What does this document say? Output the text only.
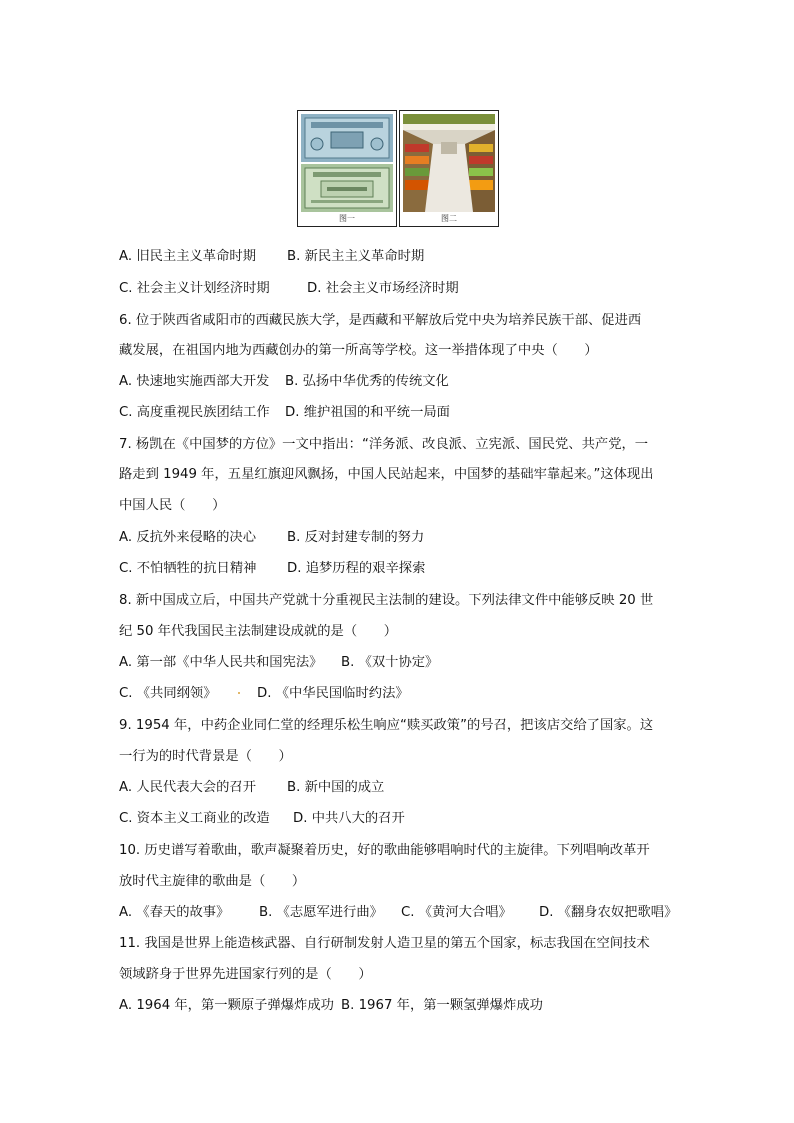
图一	图二
A. 旧民主主义革命时期 B. 新民主主义革命时期
C. 社会主义计划经济时期	D. 社会主义市场经济时期
6. 位于陕西省咸阳市的西藏民族大学，是西藏和平解放后党中央为培养民族干部、促进西
藏发展，在祖国内地为西藏创办的第一所高等学校。这一举措体现了中央（　　）
A. 快速地实施西部大开发 B. 弘扬中华优秀的传统文化
C. 高度重视民族团结工作 D. 维护祖国的和平统一局面
7. 杨凯在《中国梦的方位》一文中指出：“洋务派、改良派、立宪派、国民党、共产党，一
路走到 1949 年，五星红旗迎风飘扬，中国人民站起来，中国梦的基础牢靠起来。”这体现出
中国人民（　　）
A. 反抗外来侵略的决心 B. 反对封建专制的努力
C. 不怕牺牲的抗日精神 D. 追梦历程的艰辛探索
8. 新中国成立后，中国共产党就十分重视民主法制的建设。下列法律文件中能够反映 20 世
纪 50 年代我国民主法制建设成就的是（　　）
A. 第一部《中华人民共和国宪法》 B. 《双十协定》
C. 《共同纲领》	D. 《中华民国临时约法》
9. 1954 年，中药企业同仁堂的经理乐松生响应“赎买政策”的号召，把该店交给了国家。这
一行为的时代背景是（　　）
A. 人民代表大会的召开 B. 新中国的成立
C. 资本主义工商业的改造 D. 中共八大的召开
10. 历史谱写着歌曲，歌声凝聚着历史，好的歌曲能够唱响时代的主旋律。下列唱响改革开
放时代主旋律的歌曲是（　　）
A. 《春天的故事》 B. 《志愿军进行曲》 C. 《黄河大合唱》 D. 《翻身农奴把歌唱》
11. 我国是世界上能造核武器、自行研制发射人造卫星的第五个国家，标志我国在空间技术
领域跻身于世界先进国家行列的是（　　）
A. 1964 年，第一颗原子弹爆炸成功 B. 1967 年，第一颗氢弹爆炸成功
